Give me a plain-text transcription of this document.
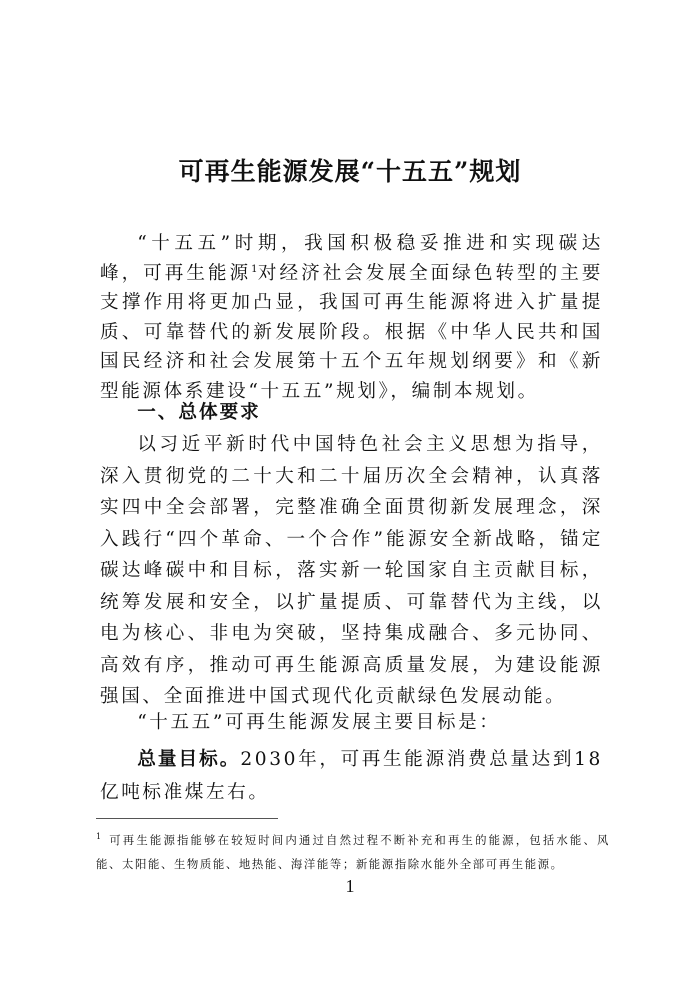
可再生能源发展“十五五”规划

“十五五”时期，我国积极稳妥推进和实现碳达峰，可再生能源$^1$对经济社会发展全面绿色转型的主要支撑作用将更加凸显，我国可再生能源将进入扩量提质、可靠替代的新发展阶段。根据《中华人民共和国国民经济和社会发展第十五个五年规划纲要》和《新型能源体系建设“十五五”规划》，编制本规划。

一、总体要求

以习近平新时代中国特色社会主义思想为指导，深入贯彻党的二十大和二十届历次全会精神，认真落实四中全会部署，完整准确全面贯彻新发展理念，深入践行“四个革命、一个合作”能源安全新战略，锚定碳达峰碳中和目标，落实新一轮国家自主贡献目标，统筹发展和安全，以扩量提质、可靠替代为主线，以电为核心、非电为突破，坚持集成融合、多元协同、高效有序，推动可再生能源高质量发展，为建设能源强国、全面推进中国式现代化贡献绿色发展动能。

“十五五”可再生能源发展主要目标是：

总量目标。2030年，可再生能源消费总量达到18亿吨标准煤左右。

$^1$ 可再生能源指能够在较短时间内通过自然过程不断补充和再生的能源，包括水能、风能、太阳能、生物质能、地热能、海洋能等；新能源指除水能外全部可再生能源。

1
